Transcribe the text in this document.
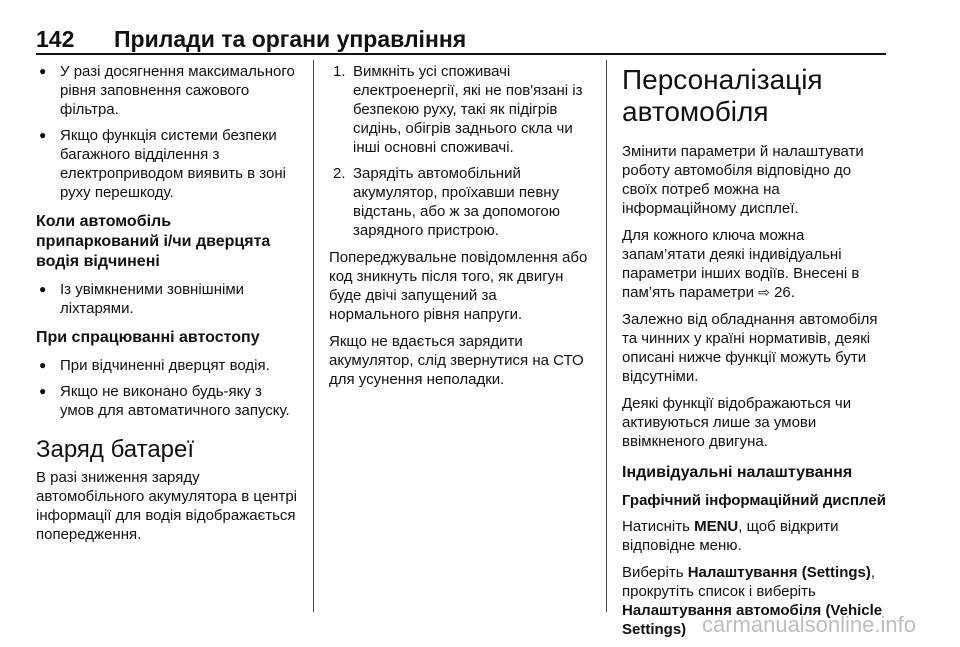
142 Прилади та органи управління
● У разі досягнення максимального рівня заповнення сажового фільтра.
● Якщо функція системи безпеки багажного відділення з електроприводом виявить в зоні руху перешкоду.
Коли автомобіль припаркований і/чи дверцята водія відчинені
● Із увімкненими зовнішніми ліхтарями.
При спрацюванні автостопу
● При відчиненні дверцят водія.
● Якщо не виконано будь-яку з умов для автоматичного запуску.
Заряд батареї

В разі зниження заряду автомобільного акумулятора в центрі інформації для водія відображається попередження.

1. Вимкніть усі споживачі електроенергії, які не пов'язані із безпекою руху, такі як підігрів сидінь, обігрів заднього скла чи інші основні споживачі.
2. Зарядіть автомобільний акумулятор, проїхавши певну відстань, або ж за допомогою зарядного пристрою.

Попереджувальне повідомлення або код зникнуть після того, як двигун буде двічі запущений за нормального рівня напруги.

Якщо не вдається зарядити акумулятор, слід звернутися на СТО для усунення неполадки.

Персоналізація автомобіля

Змінити параметри й налаштувати роботу автомобіля відповідно до своїх потреб можна на інформаційному дисплеї.

Для кожного ключа можна запам’ятати деякі індивідуальні параметри інших водіїв. Внесені в пам’ять параметри ⇨ 26.

Залежно від обладнання автомобіля та чинних у країні нормативів, деякі описані нижче функції можуть бути відсутніми.

Деякі функції відображаються чи активуються лише за умови ввімкненого двигуна.

Індивідуальні налаштування
Графічний інформаційний дисплей

Натисніть MENU, щоб відкрити відповідне меню.

Виберіть Налаштування (Settings), прокрутіть список і виберіть Налаштування автомобіля (Vehicle Settings) carmanualsonline.info
